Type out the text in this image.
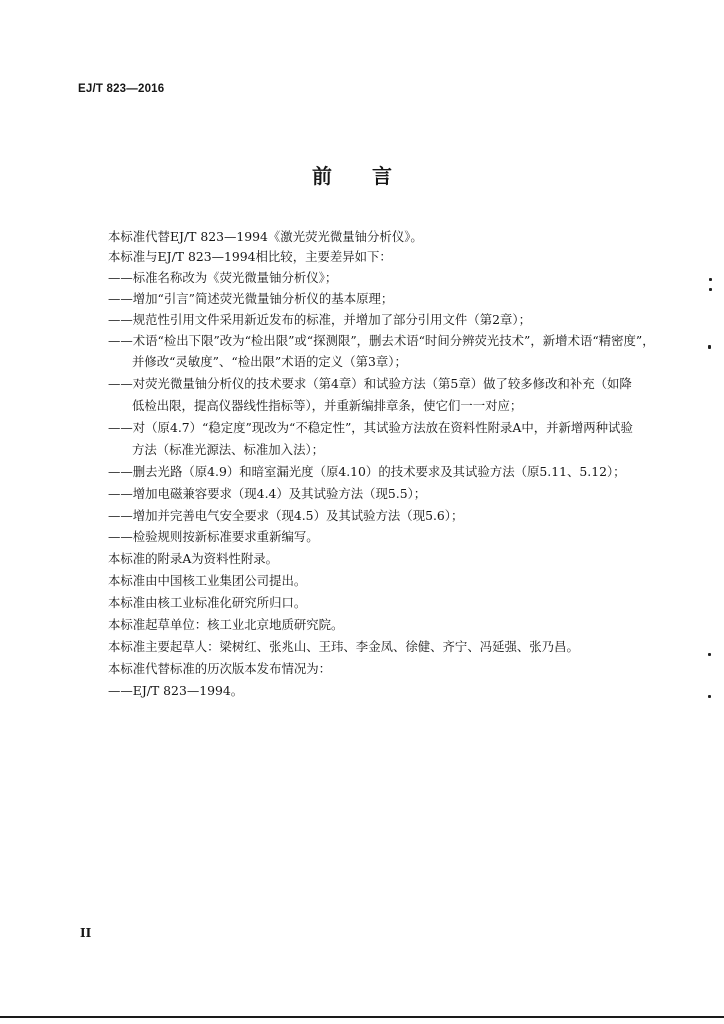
EJ/T 823—2016
前言
本标准代替EJ/T 823—1994《激光荧光微量铀分析仪》。
本标准与EJ/T 823—1994相比较，主要差异如下：
——标准名称改为《荧光微量铀分析仪》；
——增加“引言”简述荧光微量铀分析仪的基本原理；
——规范性引用文件采用新近发布的标准，并增加了部分引用文件（第2章）；
——术语“检出下限”改为“检出限”或“探测限”，删去术语“时间分辨荧光技术”，新增术语“精密度”，
并修改“灵敏度”、“检出限”术语的定义（第3章）；
——对荧光微量铀分析仪的技术要求（第4章）和试验方法（第5章）做了较多修改和补充（如降
低检出限，提高仪器线性指标等），并重新编排章条，使它们一一对应；
——对（原4.7）“稳定度”现改为“不稳定性”，其试验方法放在资料性附录A中，并新增两种试验
方法（标准光源法、标准加入法）；
——删去光路（原4.9）和暗室漏光度（原4.10）的技术要求及其试验方法（原5.11、5.12）；
——增加电磁兼容要求（现4.4）及其试验方法（现5.5）；
——增加并完善电气安全要求（现4.5）及其试验方法（现5.6）；
——检验规则按新标准要求重新编写。
本标准的附录A为资料性附录。
本标准由中国核工业集团公司提出。
本标准由核工业标准化研究所归口。
本标准起草单位：核工业北京地质研究院。
本标准主要起草人：梁树红、张兆山、王玮、李金凤、徐健、齐宁、冯延强、张乃昌。
本标准代替标准的历次版本发布情况为：
——EJ/T 823—1994。
II
